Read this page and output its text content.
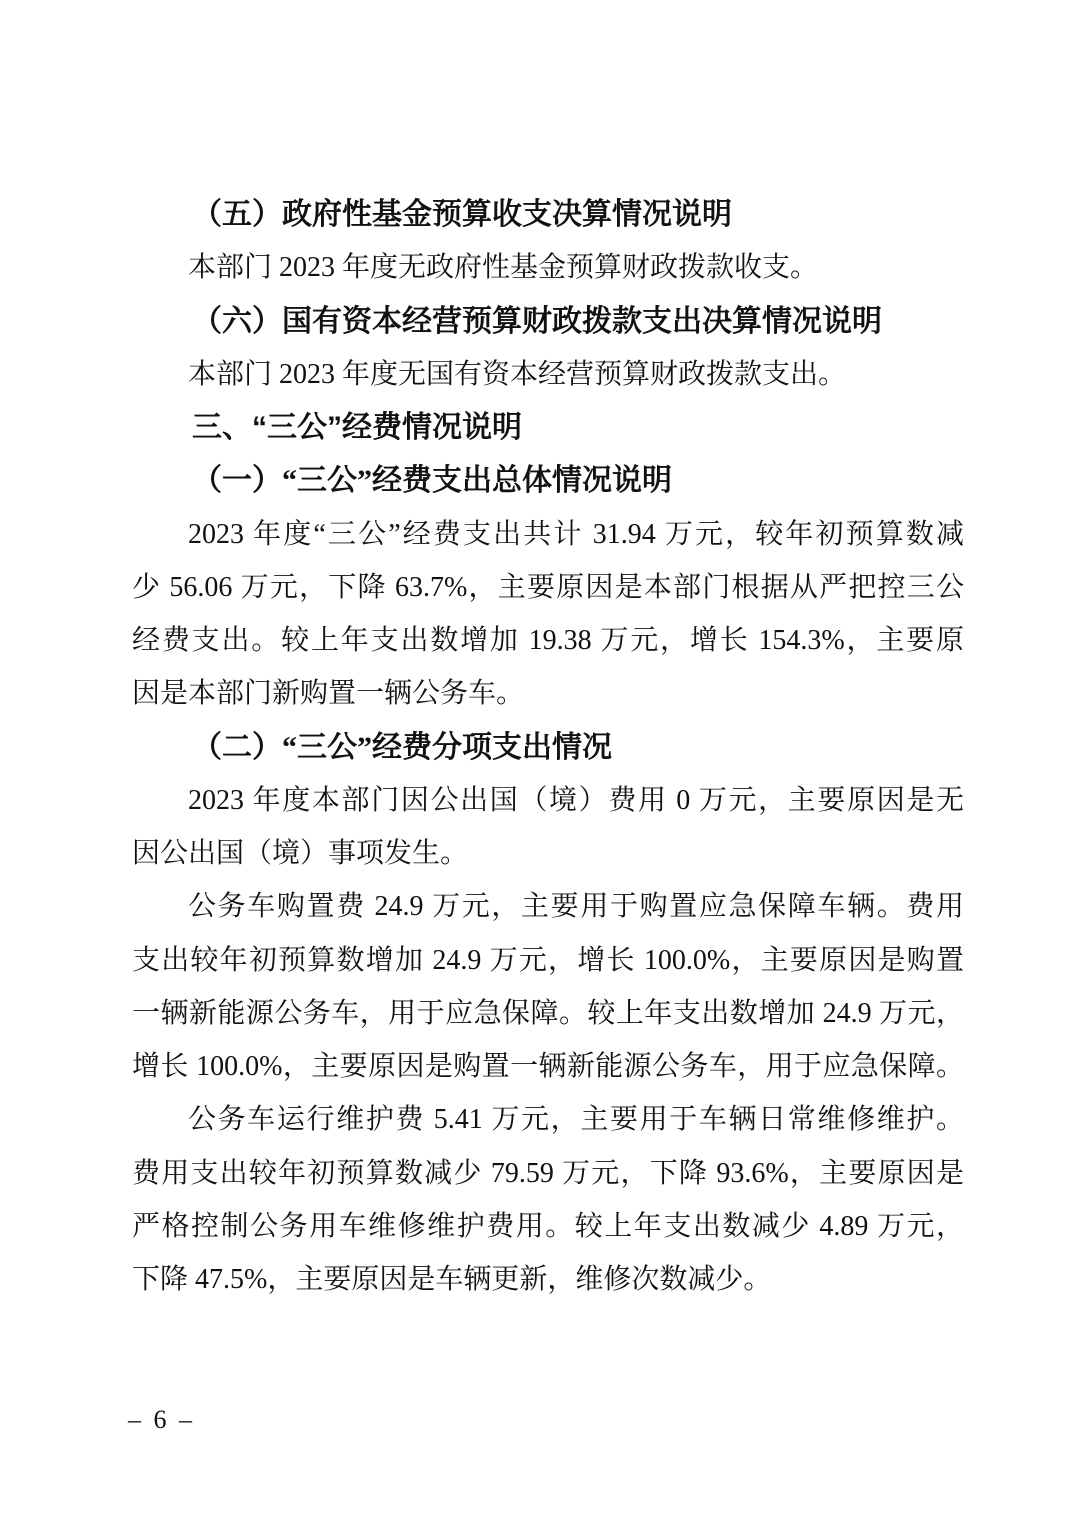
（五）政府性基金预算收支决算情况说明
本部门 2023 年度无政府性基金预算财政拨款收支。
（六）国有资本经营预算财政拨款支出决算情况说明
本部门 2023 年度无国有资本经营预算财政拨款支出。
三、“三公”经费情况说明
（一）“三公”经费支出总体情况说明
2023 年度“三公”经费支出共计 31.94 万元，较年初预算数减
少 56.06 万元，下降 63.7%，主要原因是本部门根据从严把控三公
经费支出。较上年支出数增加 19.38 万元，增长 154.3%，主要原
因是本部门新购置一辆公务车。
（二）“三公”经费分项支出情况
2023 年度本部门因公出国（境）费用 0 万元，主要原因是无
因公出国（境）事项发生。
公务车购置费 24.9 万元，主要用于购置应急保障车辆。费用
支出较年初预算数增加 24.9 万元，增长 100.0%，主要原因是购置
一辆新能源公务车，用于应急保障。较上年支出数增加 24.9 万元，
增长 100.0%，主要原因是购置一辆新能源公务车，用于应急保障。
公务车运行维护费 5.41 万元，主要用于车辆日常维修维护。
费用支出较年初预算数减少 79.59 万元，下降 93.6%，主要原因是
严格控制公务用车维修维护费用。较上年支出数减少 4.89 万元，
下降 47.5%，主要原因是车辆更新，维修次数减少。
– 6 –
